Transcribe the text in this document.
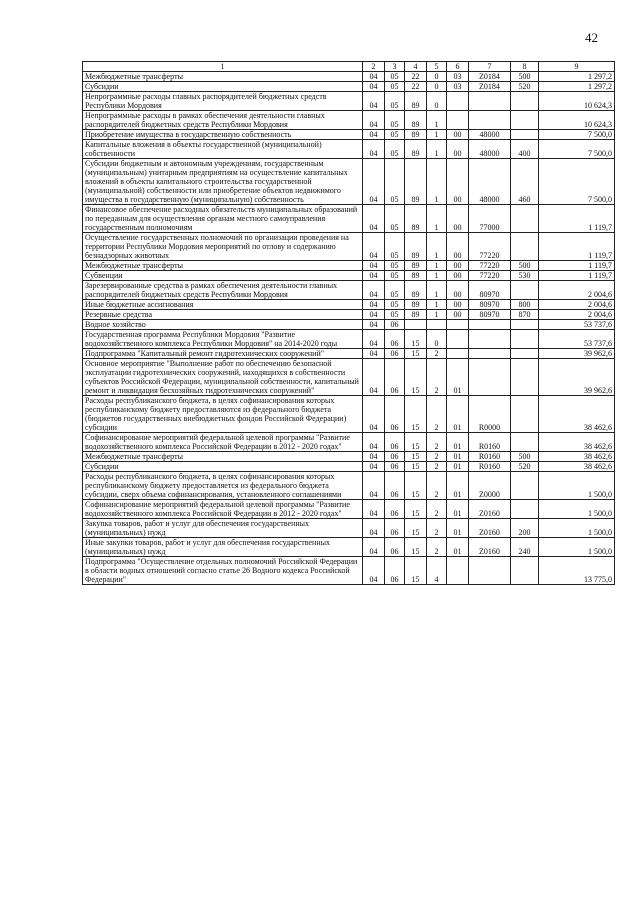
42
1	2	3	4	5	6	7	8	9
Межбюджетные трансферты	04	05	22	0	03	Z0184	500	1 297,2
Субсидии	04	05	22	0	03	Z0184	520	1 297,2
Непрограммные расходы главных распорядителей бюджетных средств Республики Мордовия	04	05	89	0				10 624,3
Непрограммные расходы в рамках обеспечения деятельности главных распорядителей бюджетных средств Республики Мордовия	04	05	89	1				10 624,3
Приобретение имущества в государственную собственность	04	05	89	1	00	48000		7 500,0
Капитальные вложения в объекты государственной (муниципальной) собственности	04	05	89	1	00	48000	400	7 500,0
Субсидии бюджетным и автономным учреждениям, государственным (муниципальным) унитарным предприятиям на осуществление капитальных вложений в объекты капитального строительства государственной (муниципальной) собственности или приобретение объектов недвижимого имущества в государственную (муниципальную) собственность	04	05	89	1	00	48000	460	7 500,0
Финансовое обеспечение расходных обязательств муниципальных образований по переданным для осуществления органам местного самоуправления государственным полномочиям	04	05	89	1	00	77000		1 119,7
Осуществление государственных полномочий по организации проведения на территории Республики Мордовия мероприятий по отлову и содержанию безнадзорных животных	04	05	89	1	00	77220		1 119,7
Межбюджетные трансферты	04	05	89	1	00	77220	500	1 119,7
Субвенции	04	05	89	1	00	77220	530	1 119,7
Зарезервированные средства в рамках обеспечения деятельности главных распорядителей бюджетных средств Республики Мордовия	04	05	89	1	00	80970		2 004,6
Иные бюджетные ассигнования	04	05	89	1	00	80970	800	2 004,6
Резервные средства	04	05	89	1	00	80970	870	2 004,6
Водное хозяйство	04	06						53 737,6
Государственная программа Республики Мордовия "Развитие водохозяйственного комплекса Республики Мордовия" на 2014-2020 годы	04	06	15	0				53 737,6
Подпрограмма "Капитальный ремонт гидротехнических сооружений"	04	06	15	2				39 962,6
Основное мероприятие "Выполнение работ по обеспечению безопасной эксплуатации гидротехнических сооружений, находящихся в собственности субъектов Российской Федерации, муниципальной собственности, капитальный ремонт и ликвидация бесхозяйных гидротехнических сооружений"	04	06	15	2	01			39 962,6
Расходы республиканского бюджета, в целях софинансирования которых республиканскому бюджету предоставляются из федерального бюджета (бюджетов государственных внебюджетных фондов Российской Федерации) субсидии	04	06	15	2	01	R0000		38 462,6
Софинансирование мероприятий федеральной целевой программы "Развитие водохозяйственного комплекса Российской Федерации в 2012 - 2020 годах"	04	06	15	2	01	R0160		38 462,6
Межбюджетные трансферты	04	06	15	2	01	R0160	500	38 462,6
Субсидии	04	06	15	2	01	R0160	520	38 462,6
Расходы республиканского бюджета, в целях софинансирования которых республиканскому бюджету предоставляется из федерального бюджета субсидии, сверх объема софинансирования, установленного соглашениями	04	06	15	2	01	Z0000		1 500,0
Софинансирование мероприятий федеральной целевой программы "Развитие водохозяйственного комплекса Российской Федерации в 2012 - 2020 годах"	04	06	15	2	01	Z0160		1 500,0
Закупка товаров, работ и услуг для обеспечения государственных (муниципальных) нужд	04	06	15	2	01	Z0160	200	1 500,0
Иные закупки товаров, работ и услуг для обеспечения государственных (муниципальных) нужд	04	06	15	2	01	Z0160	240	1 500,0
Подпрограмма "Осуществление отдельных полномочий Российской Федерации в области водных отношений согласно статье 26 Водного кодекса Российской Федерации"	04	06	15	4				13 775,0
